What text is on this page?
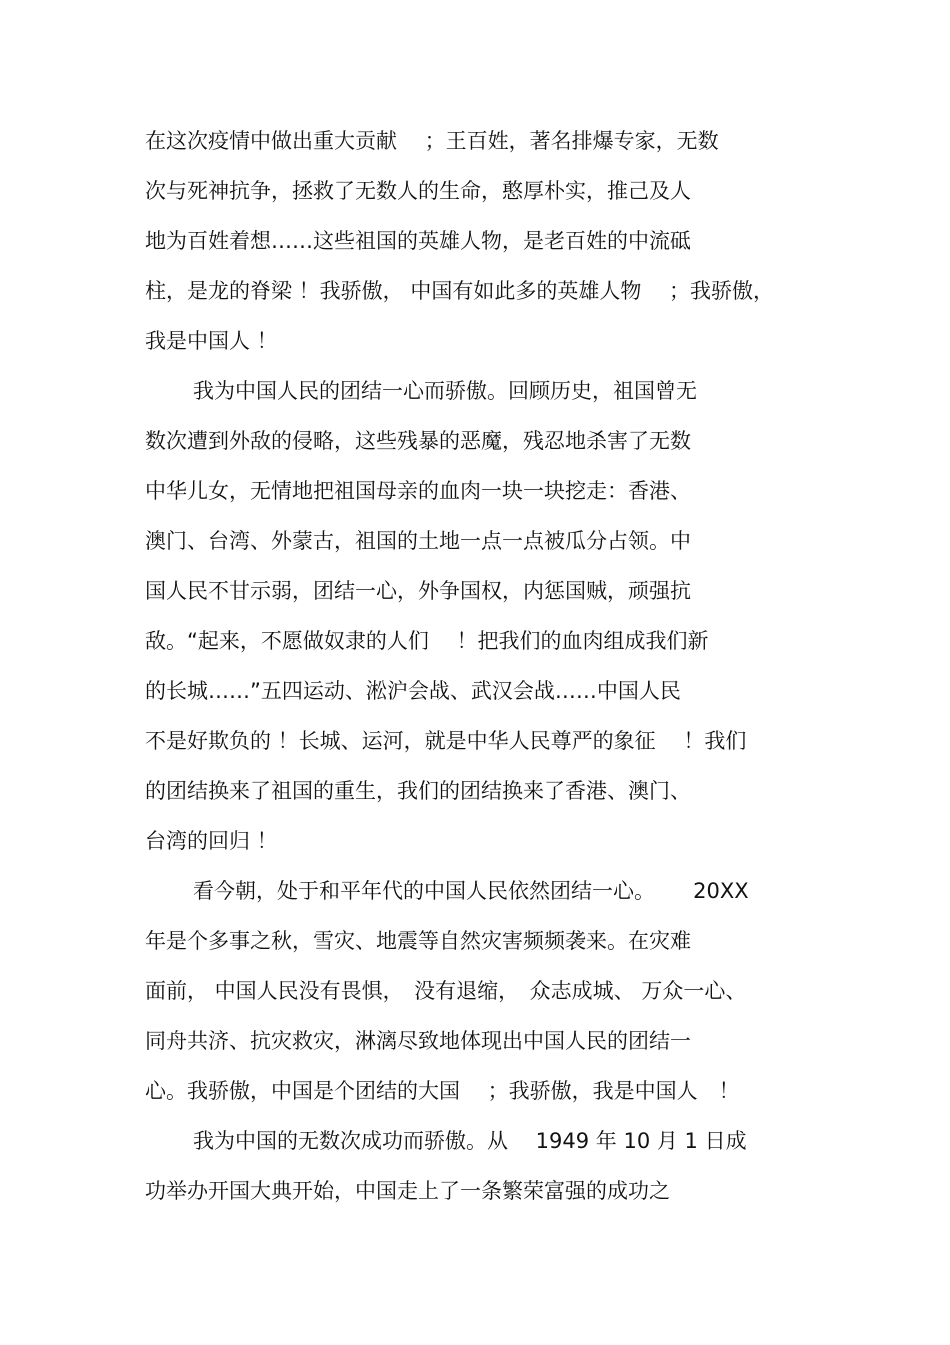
在这次疫情中做出重大贡献　 ；王百姓，著名排爆专家，无数
次与死神抗争，拯救了无数人的生命，憨厚朴实，推己及人
地为百姓着想……这些祖国的英雄人物，是老百姓的中流砥
柱，是龙的脊梁 ！我骄傲， 中国有如此多的英雄人物　 ；我骄傲，
我是中国人 ！
我为中国人民的团结一心而骄傲。回顾历史，祖国曾无
数次遭到外敌的侵略，这些残暴的恶魔，残忍地杀害了无数
中华儿女，无情地把祖国母亲的血肉一块一块挖走：香港、
澳门、台湾、外蒙古，祖国的土地一点一点被瓜分占领。中
国人民不甘示弱，团结一心，外争国权，内惩国贼，顽强抗
敌。“起来，不愿做奴隶的人们　 ！把我们的血肉组成我们新
的长城……”五四运动、淞沪会战、武汉会战……中国人民
不是好欺负的 ！长城、运河，就是中华人民尊严的象征　 ！我们
的团结换来了祖国的重生，我们的团结换来了香港、澳门、
台湾的回归 ！
看今朝，处于和平年代的中国人民依然团结一心。　　 20XX
年是个多事之秋，雪灾、地震等自然灾害频频袭来。在灾难
面前， 中国人民没有畏惧，　没有退缩，　众志成城、 万众一心、
同舟共济、抗灾救灾，淋漓尽致地体现出中国人民的团结一
心。我骄傲，中国是个团结的大国　 ；我骄傲，我是中国人　！
我为中国的无数次成功而骄傲。从　 1949 年 10 月 1 日成
功举办开国大典开始，中国走上了一条繁荣富强的成功之
